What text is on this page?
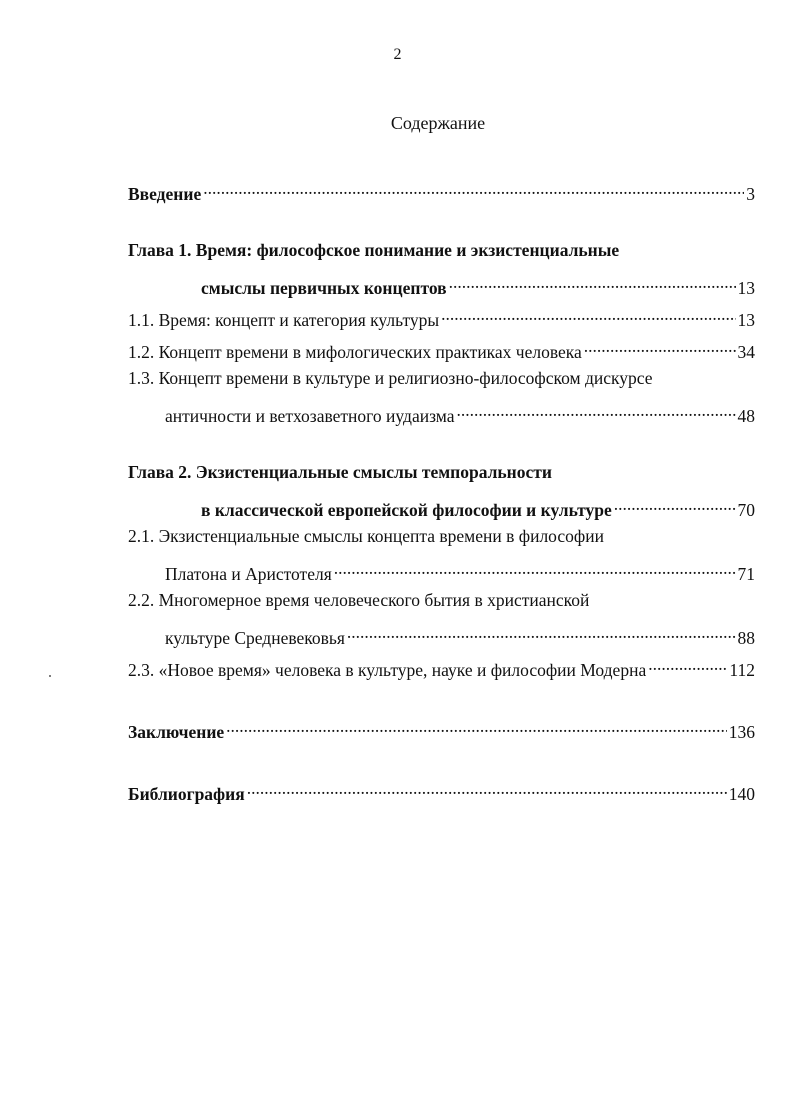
2
Содержание
Введение .....	3
Глава 1. Время: философское понимание и экзистенциальные
смыслы первичных концептов .....	13
1.1. Время: концепт и категория культуры .....	13
1.2. Концепт времени в мифологических практиках человека .....	34
1.3. Концепт времени в культуре и религиозно-философском дискурсе
античности и ветхозаветного иудаизма .....	48
Глава 2. Экзистенциальные смыслы темпоральности
в классической европейской философии и культуре .....	70
2.1. Экзистенциальные смыслы концепта времени в философии
Платона и Аристотеля .....	71
2.2. Многомерное время человеческого бытия в христианской
культуре Средневековья .....	88
2.3. «Новое время» человека в культуре, науке и философии Модерна .....	112
Заключение .....	136
Библиография .....	140
